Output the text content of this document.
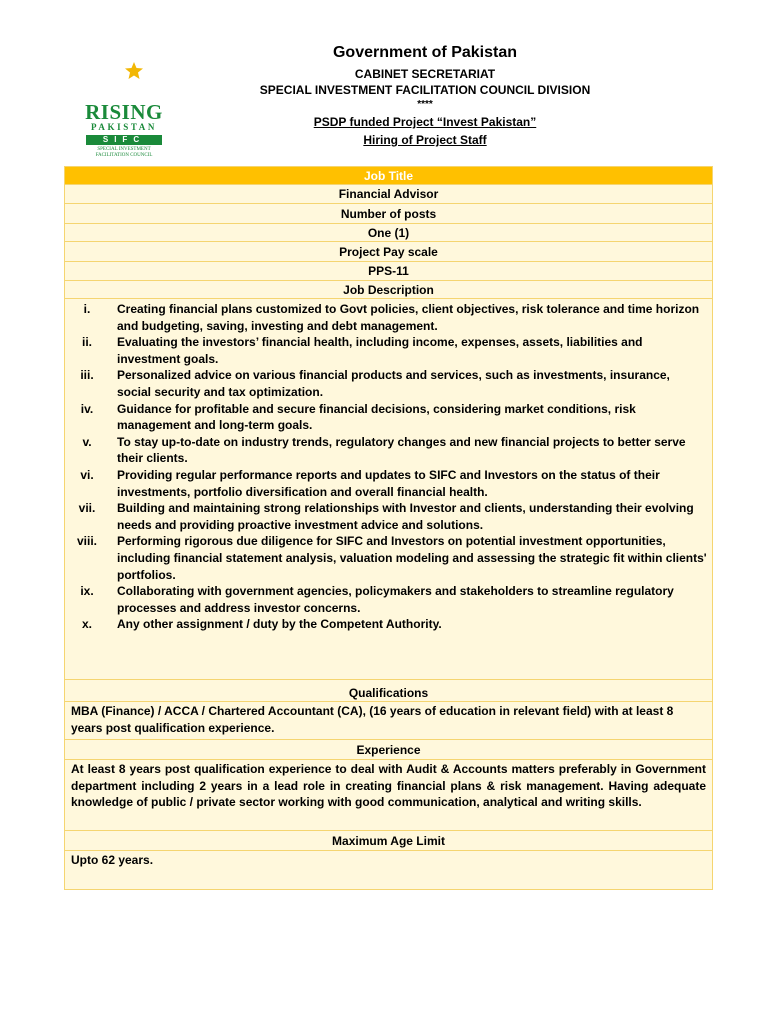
RISING
PAKISTAN
SIFC
SPECIAL INVESTMENT
FACILITATION COUNCIL
Government of Pakistan
CABINET SECRETARIAT
SPECIAL INVESTMENT FACILITATION COUNCIL DIVISION
****
PSDP funded Project “Invest Pakistan”
Hiring of Project Staff
Job Title
Financial Advisor
Number of posts
One (1)
Project Pay scale
PPS-11
Job Description
i.	Creating financial plans customized to Govt policies, client objectives, risk tolerance and time horizon and budgeting, saving, investing and debt management.
ii.	Evaluating the investors’ financial health, including income, expenses, assets, liabilities and investment goals.
iii.	Personalized advice on various financial products and services, such as investments, insurance, social security and tax optimization.
iv.	Guidance for profitable and secure financial decisions, considering market conditions, risk management and long-term goals.
v.	To stay up-to-date on industry trends, regulatory changes and new financial projects to better serve their clients.
vi.	Providing regular performance reports and updates to SIFC and Investors on the status of their investments, portfolio diversification and overall financial health.
vii.	Building and maintaining strong relationships with Investor and clients, understanding their evolving needs and providing proactive investment advice and solutions.
viii.	Performing rigorous due diligence for SIFC and Investors on potential investment opportunities, including financial statement analysis, valuation modeling and assessing the strategic fit within clients' portfolios.
ix.	Collaborating with government agencies, policymakers and stakeholders to streamline regulatory processes and address investor concerns.
x.	Any other assignment / duty by the Competent Authority.
Qualifications
MBA (Finance) / ACCA / Chartered Accountant (CA), (16 years of education in relevant field) with at least 8 years post qualification experience.
Experience
At least 8 years post qualification experience to deal with Audit & Accounts matters preferably in Government department including 2 years in a lead role in creating financial plans & risk management. Having adequate knowledge of public / private sector working with good communication, analytical and writing skills.
Maximum Age Limit
Upto 62 years.
